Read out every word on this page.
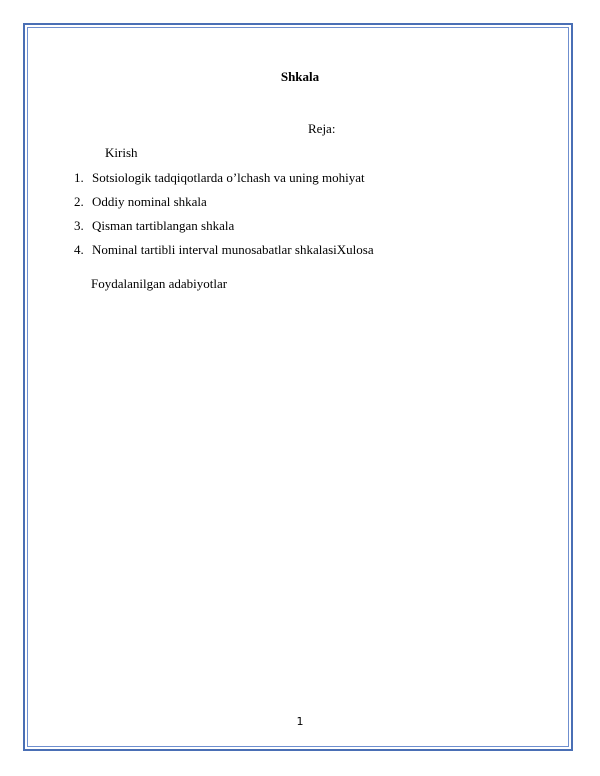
Shkala
Reja:
Kirish
1. Sotsiologik tadqiqotlarda o’lchash va uning mohiyat
2. Oddiy nominal shkala
3. Qisman tartiblangan shkala
4. Nominal tartibli interval munosabatlar shkalasiXulosa
Foydalanilgan adabiyotlar
1
